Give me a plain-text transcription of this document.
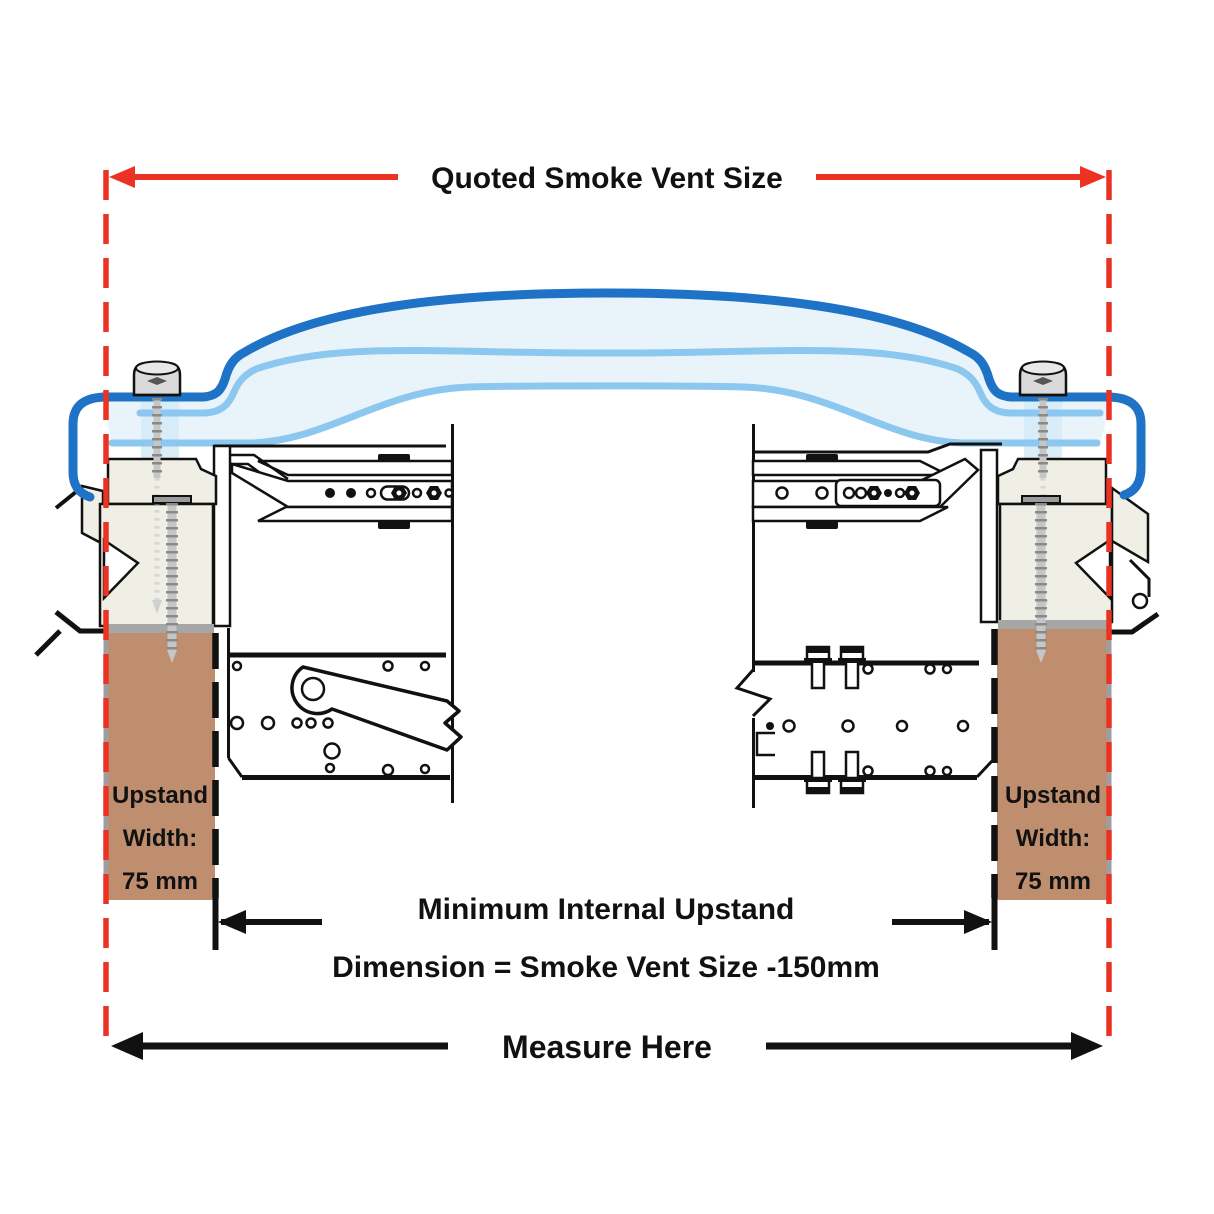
Quoted Smoke Vent Size
Upstand
Width:
75 mm
Upstand
Width:
75 mm
Minimum Internal Upstand
Dimension = Smoke Vent Size -150mm
Measure Here
